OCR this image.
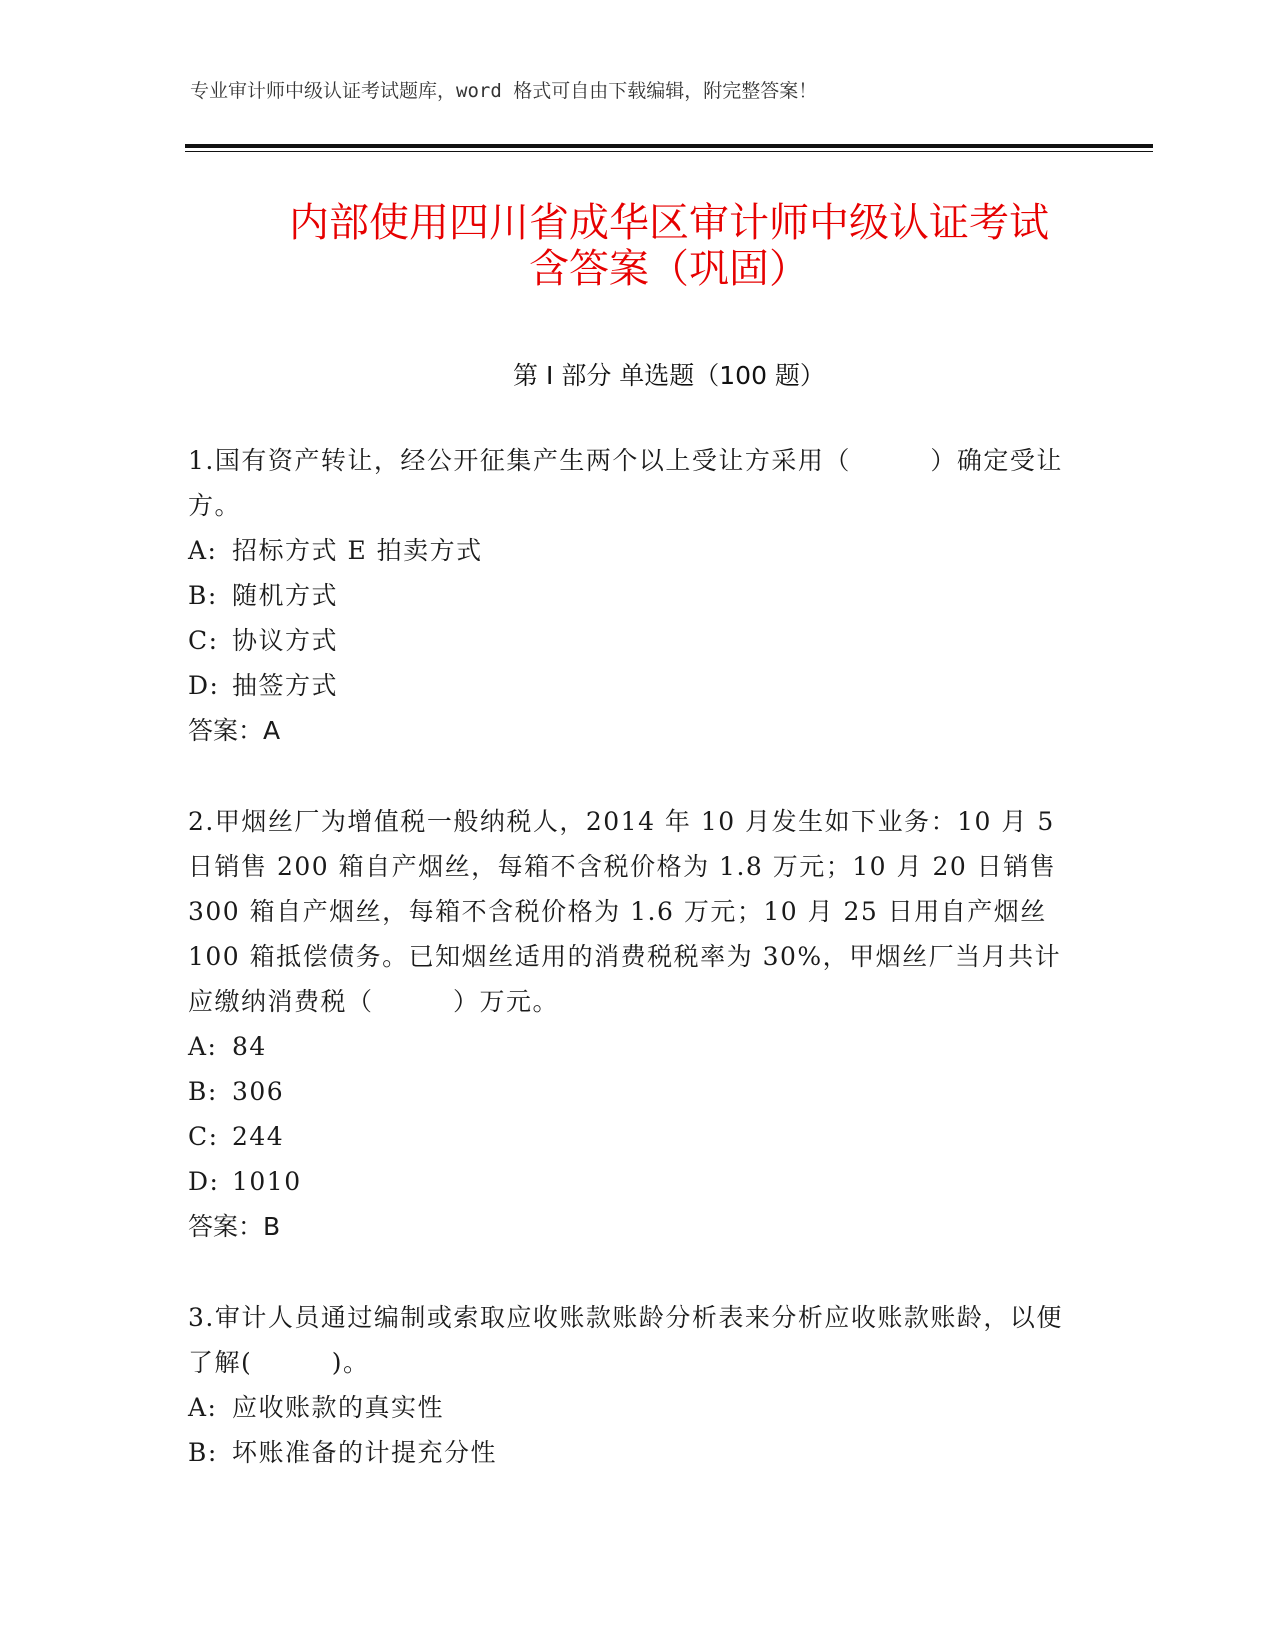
专业审计师中级认证考试题库，word 格式可自由下载编辑，附完整答案！
内部使用四川省成华区审计师中级认证考试
含答案（巩固）
第 I 部分 单选题（100 题）

1.国有资产转让，经公开征集产生两个以上受让方采用（　　　）确定受让方。

A: 招标方式 E 拍卖方式

B: 随机方式

C: 协议方式

D: 抽签方式

答案：A

2.甲烟丝厂为增值税一般纳税人，2014 年 10 月发生如下业务：10 月 5 日销售 200 箱自产烟丝，每箱不含税价格为 1.8 万元；10 月 20 日销售 300 箱自产烟丝，每箱不含税价格为 1.6 万元；10 月 25 日用自产烟丝 100 箱抵偿债务。已知烟丝适用的消费税税率为 30%，甲烟丝厂当月共计应缴纳消费税（　　　）万元。

A: 84

B: 306

C: 244

D: 1010

答案：B

3.审计人员通过编制或索取应收账款账龄分析表来分析应收账款账龄，以便了解(　　　)。

A: 应收账款的真实性

B: 坏账准备的计提充分性
